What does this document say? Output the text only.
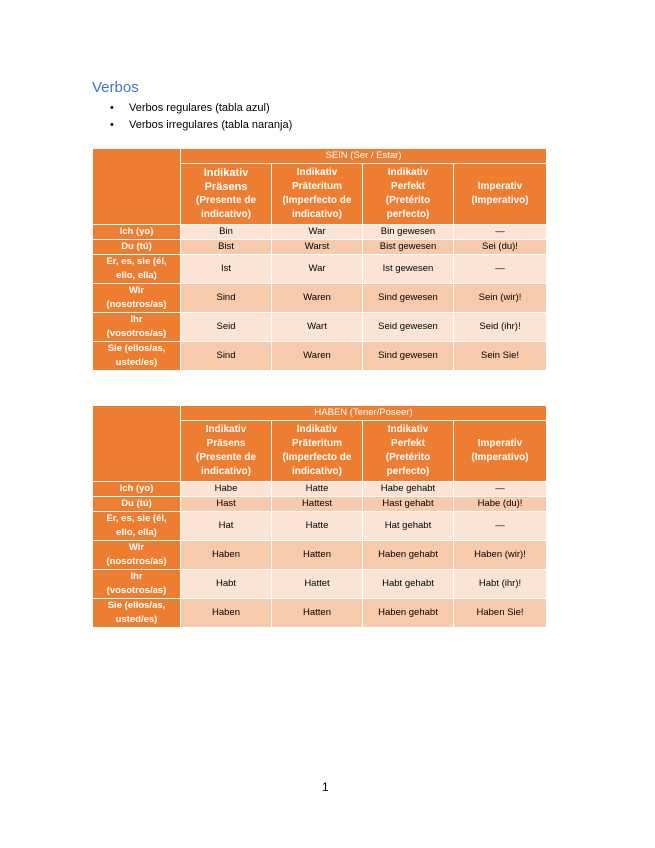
Verbos
• Verbos regulares (tabla azul)
• Verbos irregulares (tabla naranja)
	SEIN (Ser / Estar)			

	Indikativ
Präsens
(Presente de
indicativo)	Indikativ
Präteritum
(Imperfecto de
indicativo)	Indikativ
Perfekt
(Pretérito
perfecto)	Imperativ
(Imperativo)

Ich (yo)	Bin	War	Bin gewesen	—

Du (tú)	Bist	Warst	Bist gewesen	Sei (du)!

Er, es, sie (él,
ello, ella)	Ist	War	Ist gewesen	—

Wir
(nosotros/as)	Sind	Waren	Sind gewesen	Sein (wir)!

Ihr
(vosotros/as)	Seid	Wart	Seid gewesen	Seid (ihr)!

Sie (ellos/as,
usted/es)	Sind	Waren	Sind gewesen	Sein Sie!
	HABEN (Tener/Poseer)			

	Indikativ
Präsens
(Presente de
indicativo)	Indikativ
Präteritum
(Imperfecto de
indicativo)	Indikativ
Perfekt
(Pretérito
perfecto)	Imperativ
(Imperativo)

Ich (yo)	Habe	Hatte	Habe gehabt	—

Du (tú)	Hast	Hattest	Hast gehabt	Habe (du)!

Er, es, sie (él,
ello, ella)	Hat	Hatte	Hat gehabt	—

Wir
(nosotros/as)	Haben	Hatten	Haben gehabt	Haben (wir)!

Ihr
(vosotros/as)	Habt	Hattet	Habt gehabt	Habt (ihr)!

Sie (ellos/as,
usted/es)	Haben	Hatten	Haben gehabt	Haben Sie!
1
